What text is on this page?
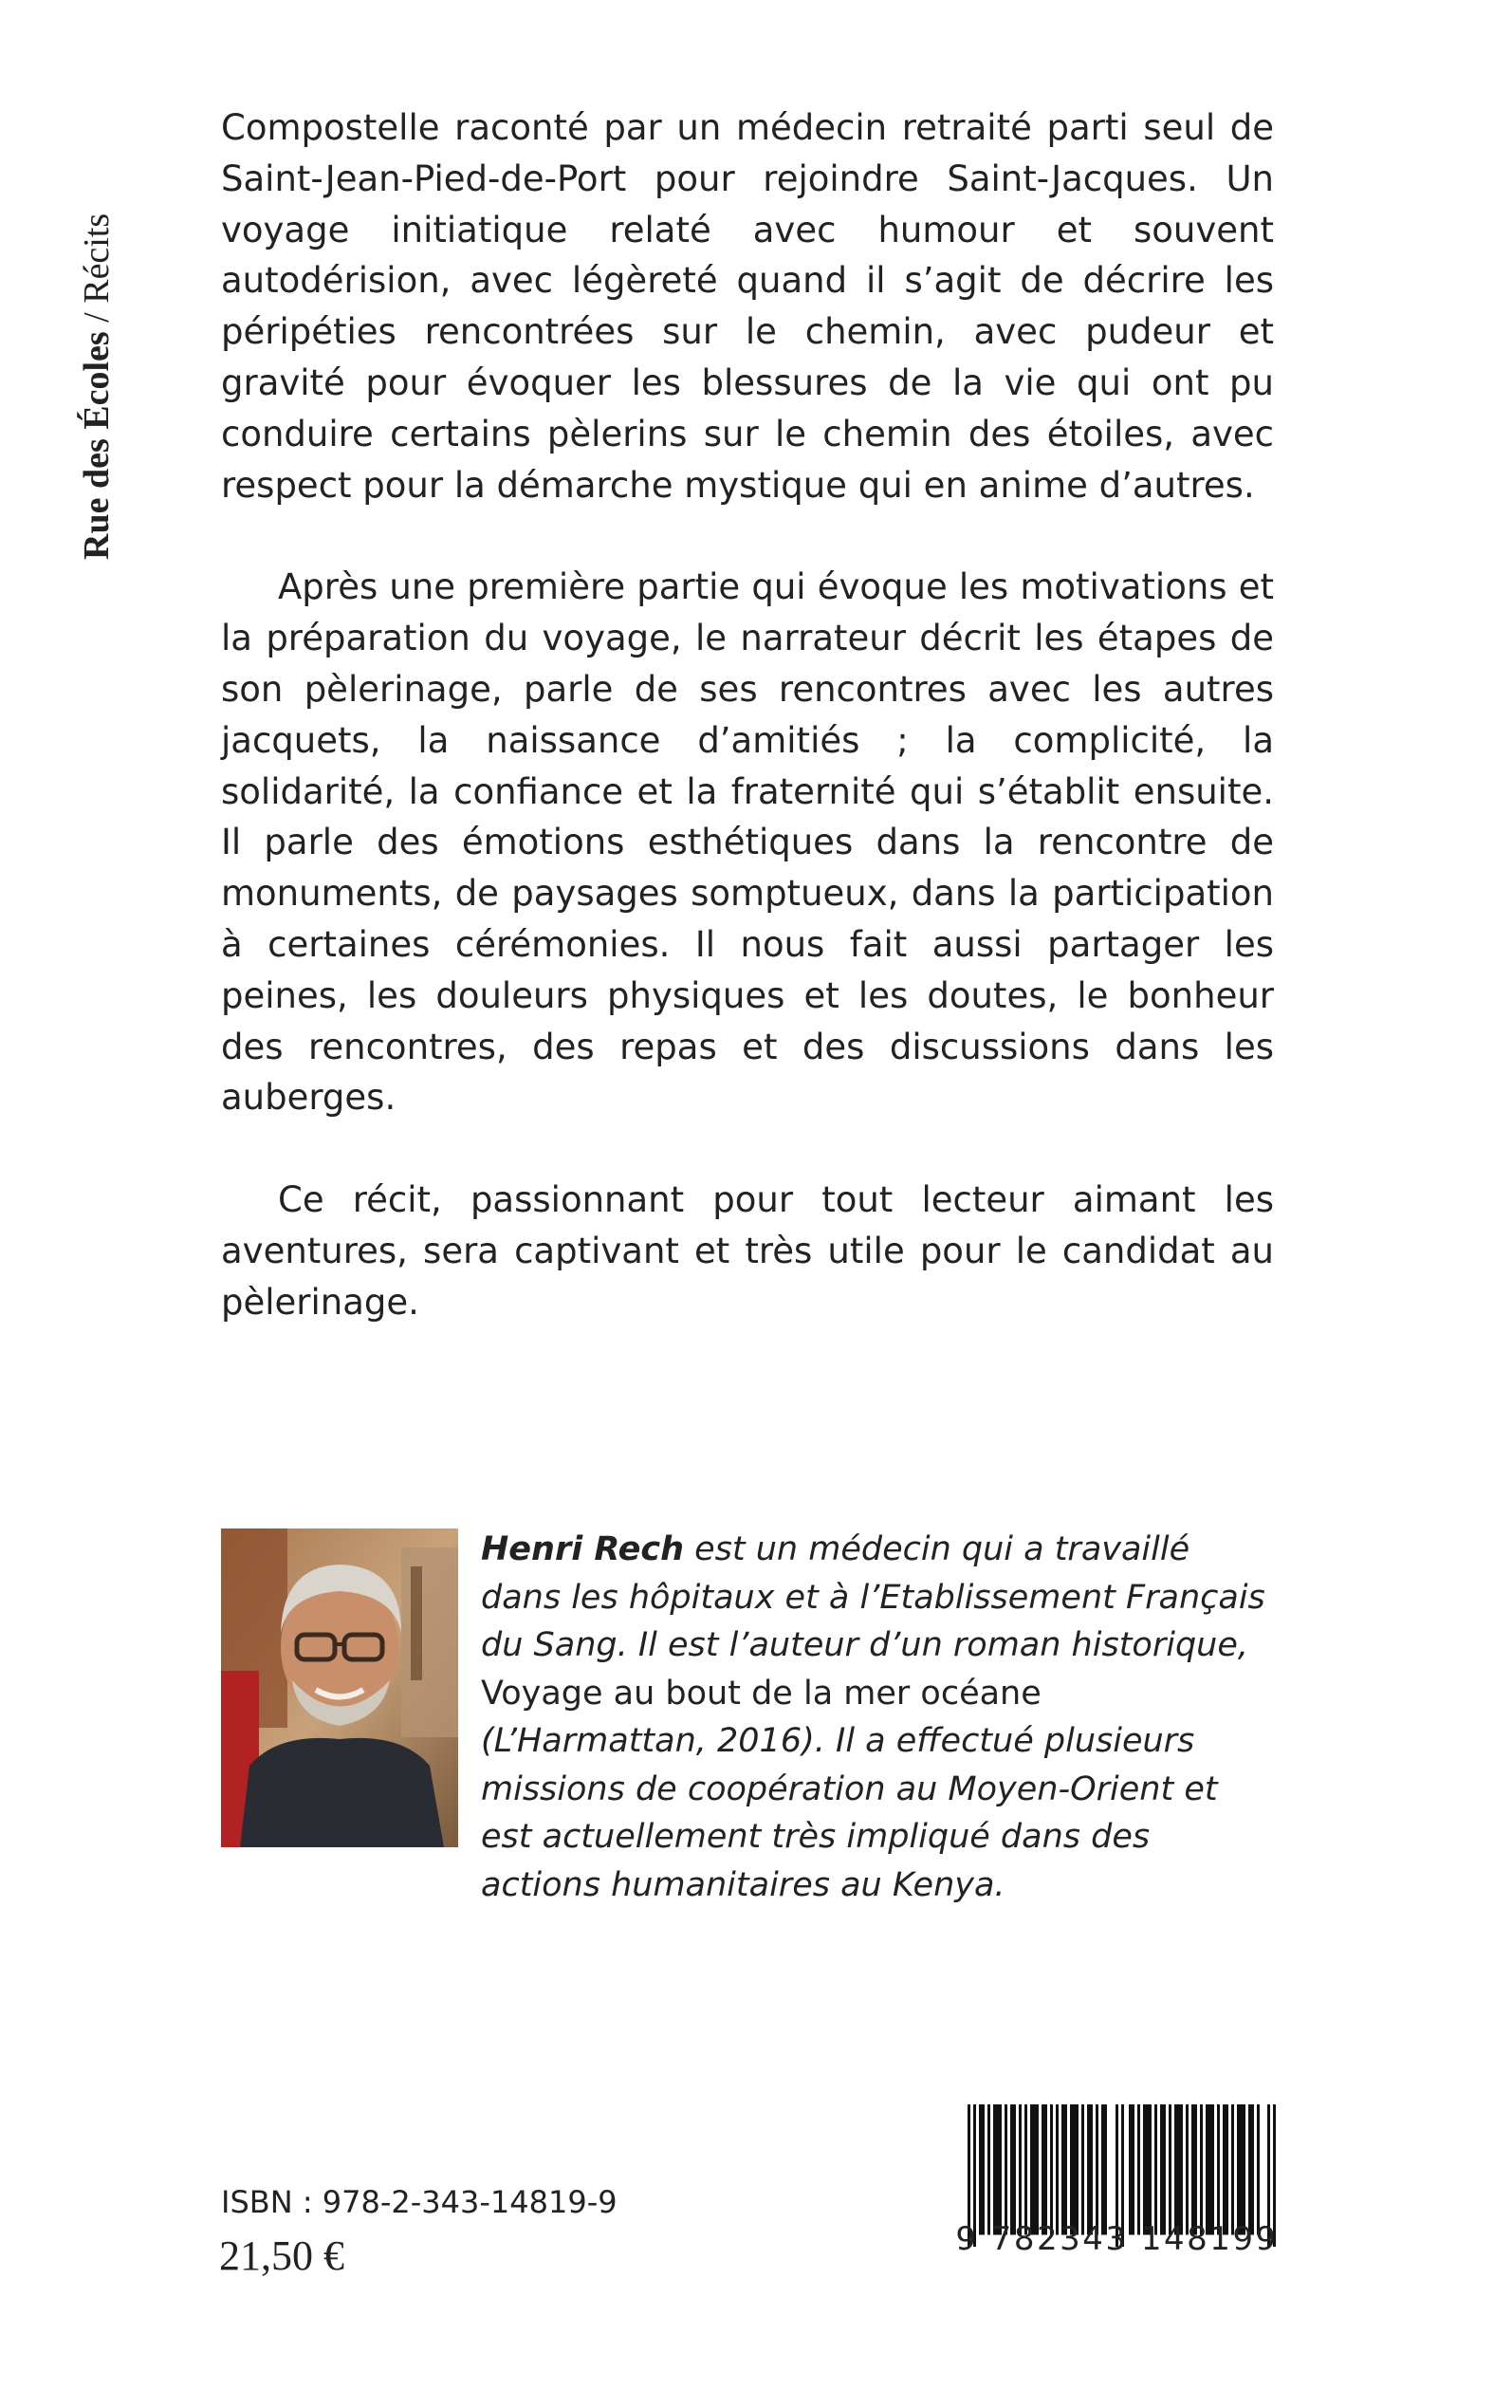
Rue des Écoles / Récits

Compostelle raconté par un médecin retraité parti seul de Saint-Jean-Pied-de-Port pour rejoindre Saint-Jacques. Un voyage initiatique relaté avec humour et souvent autodérision, avec légèreté quand il s’agit de décrire les péripéties rencontrées sur le chemin, avec pudeur et gravité pour évoquer les blessures de la vie qui ont pu conduire certains pèlerins sur le chemin des étoiles, avec respect pour la démarche mystique qui en anime d’autres.

Après une première partie qui évoque les motivations et la préparation du voyage, le narrateur décrit les étapes de son pèlerinage, parle de ses rencontres avec les autres jacquets, la naissance d’amitiés ; la complicité, la solidarité, la confiance et la fraternité qui s’établit ensuite. Il parle des émotions esthétiques dans la rencontre de monuments, de paysages somptueux, dans la participation à certaines cérémonies. Il nous fait aussi partager les peines, les douleurs physiques et les doutes, le bonheur des rencontres, des repas et des discussions dans les auberges.

Ce récit, passionnant pour tout lecteur aimant les aventures, sera captivant et très utile pour le candidat au pèlerinage.

Henri Rech est un médecin qui a travaillé dans les hôpitaux et à l’Etablissement Français du Sang. Il est l’auteur d’un roman historique, Voyage au bout de la mer océane (L’Harmattan, 2016). Il a effectué plusieurs missions de coopération au Moyen-Orient et est actuellement très impliqué dans des actions humanitaires au Kenya.
ISBN : 978-2-343-14819-9
21,50 €	9 782343 148199
